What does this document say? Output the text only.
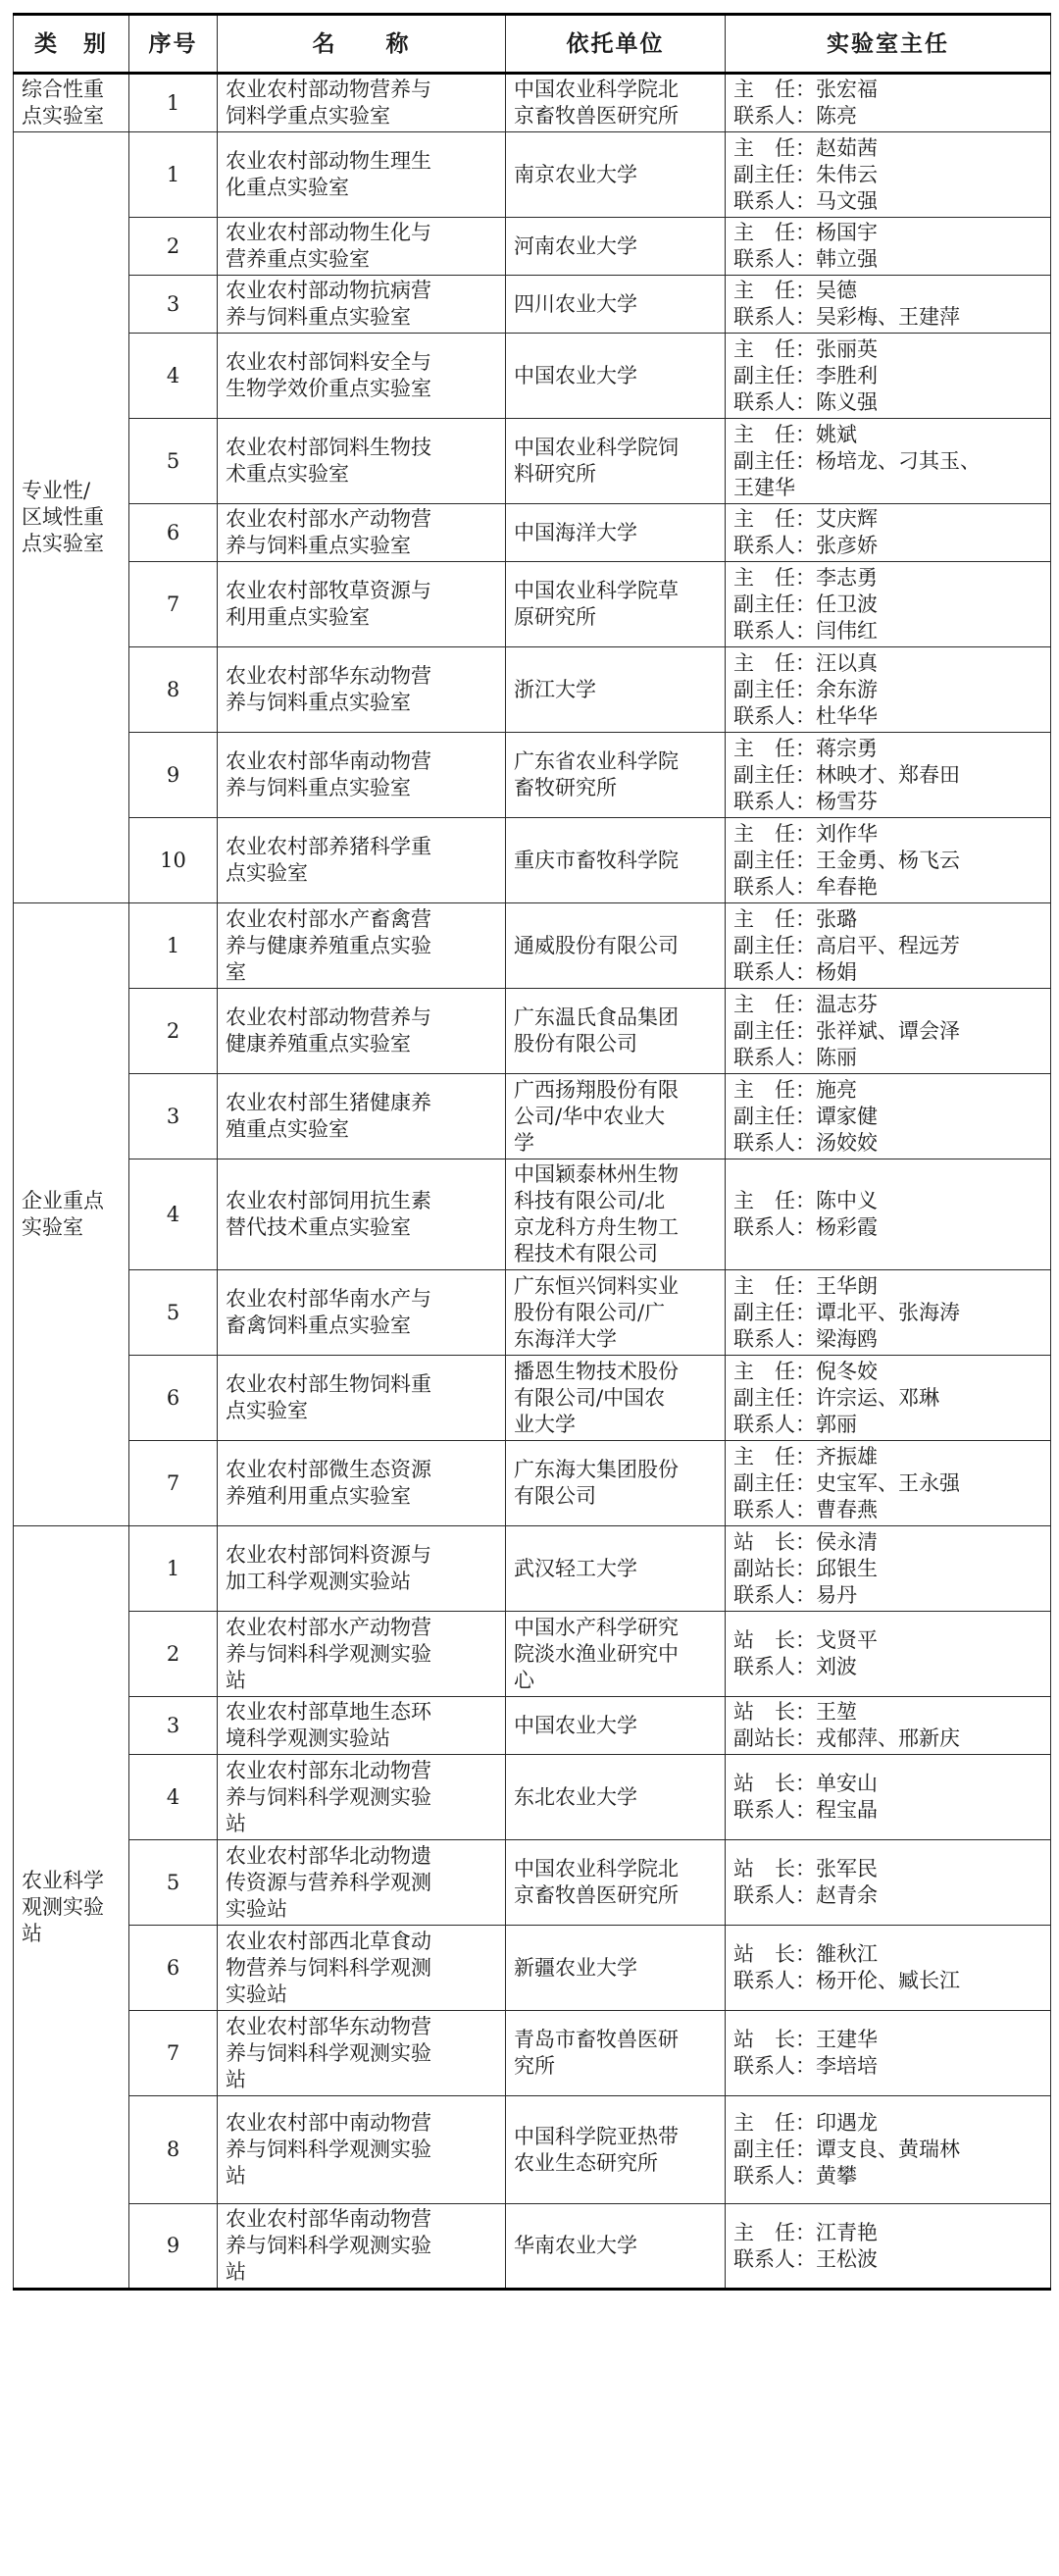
类　别	序号	名　　称	依托单位	实验室主任

综合性重
点实验室	1	农业农村部动物营养与
饲料学重点实验室	中国农业科学院北
京畜牧兽医研究所	主　任：张宏福
联系人：陈亮

专业性/
区域性重
点实验室	1	农业农村部动物生理生
化重点实验室	南京农业大学	主　任：赵茹茜
副主任：朱伟云
联系人：马文强

	2	农业农村部动物生化与
营养重点实验室	河南农业大学	主　任：杨国宇
联系人：韩立强

	3	农业农村部动物抗病营
养与饲料重点实验室	四川农业大学	主　任：吴德
联系人：吴彩梅、王建萍

	4	农业农村部饲料安全与
生物学效价重点实验室	中国农业大学	主　任：张丽英
副主任：李胜利
联系人：陈义强

	5	农业农村部饲料生物技
术重点实验室	中国农业科学院饲
料研究所	主　任：姚斌
副主任：杨培龙、刁其玉、
王建华

	6	农业农村部水产动物营
养与饲料重点实验室	中国海洋大学	主　任：艾庆辉
联系人：张彦娇

	7	农业农村部牧草资源与
利用重点实验室	中国农业科学院草
原研究所	主　任：李志勇
副主任：任卫波
联系人：闫伟红

	8	农业农村部华东动物营
养与饲料重点实验室	浙江大学	主　任：汪以真
副主任：余东游
联系人：杜华华

	9	农业农村部华南动物营
养与饲料重点实验室	广东省农业科学院
畜牧研究所	主　任：蒋宗勇
副主任：林映才、郑春田
联系人：杨雪芬

	10	农业农村部养猪科学重
点实验室	重庆市畜牧科学院	主　任：刘作华
副主任：王金勇、杨飞云
联系人：牟春艳

企业重点
实验室	1	农业农村部水产畜禽营
养与健康养殖重点实验
室	通威股份有限公司	主　任：张璐
副主任：高启平、程远芳
联系人：杨娟

	2	农业农村部动物营养与
健康养殖重点实验室	广东温氏食品集团
股份有限公司	主　任：温志芬
副主任：张祥斌、谭会泽
联系人：陈丽

	3	农业农村部生猪健康养
殖重点实验室	广西扬翔股份有限
公司/华中农业大
学	主　任：施亮
副主任：谭家健
联系人：汤姣姣

	4	农业农村部饲用抗生素
替代技术重点实验室	中国颖泰林州生物
科技有限公司/北
京龙科方舟生物工
程技术有限公司	主　任：陈中义
联系人：杨彩霞

	5	农业农村部华南水产与
畜禽饲料重点实验室	广东恒兴饲料实业
股份有限公司/广
东海洋大学	主　任：王华朗
副主任：谭北平、张海涛
联系人：梁海鸥

	6	农业农村部生物饲料重
点实验室	播恩生物技术股份
有限公司/中国农
业大学	主　任：倪冬姣
副主任：许宗运、邓琳
联系人：郭丽

	7	农业农村部微生态资源
养殖利用重点实验室	广东海大集团股份
有限公司	主　任：齐振雄
副主任：史宝军、王永强
联系人：曹春燕

农业科学
观测实验
站	1	农业农村部饲料资源与
加工科学观测实验站	武汉轻工大学	站　长：侯永清
副站长：邱银生
联系人：易丹

	2	农业农村部水产动物营
养与饲料科学观测实验
站	中国水产科学研究
院淡水渔业研究中
心	站　长：戈贤平
联系人：刘波

	3	农业农村部草地生态环
境科学观测实验站	中国农业大学	站　长：王堃
副站长：戎郁萍、邢新庆

	4	农业农村部东北动物营
养与饲料科学观测实验
站	东北农业大学	站　长：单安山
联系人：程宝晶

	5	农业农村部华北动物遗
传资源与营养科学观测
实验站	中国农业科学院北
京畜牧兽医研究所	站　长：张军民
联系人：赵青余

	6	农业农村部西北草食动
物营养与饲料科学观测
实验站	新疆农业大学	站　长：雒秋江
联系人：杨开伦、臧长江

	7	农业农村部华东动物营
养与饲料科学观测实验
站	青岛市畜牧兽医研
究所	站　长：王建华
联系人：李培培

	8	农业农村部中南动物营
养与饲料科学观测实验
站	中国科学院亚热带
农业生态研究所	主　任：印遇龙
副主任：谭支良、黄瑞林
联系人：黄攀

	9	农业农村部华南动物营
养与饲料科学观测实验
站	华南农业大学	主　任：江青艳
联系人：王松波
